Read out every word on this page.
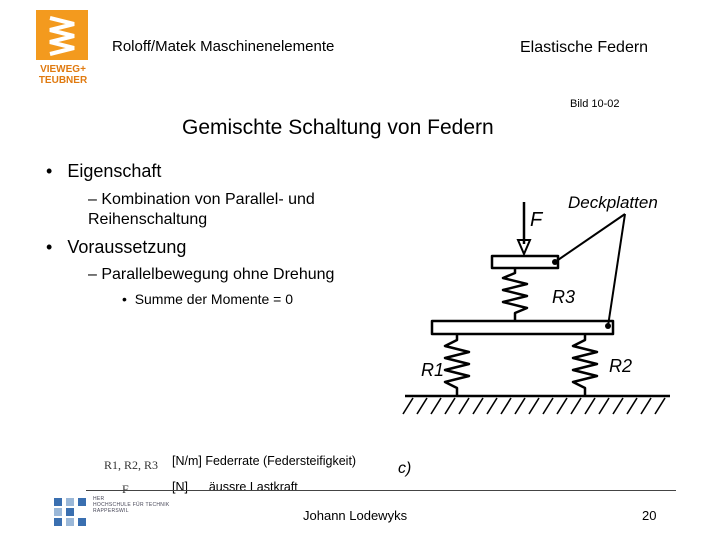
VIEWEG+
TEUBNER
Roloff/Matek Maschinenelemente	Elastische Federn
Bild 10-02
Gemischte Schaltung von Federn
• Eigenschaft
– Kombination von Parallel- und Reihenschaltung
• Voraussetzung
– Parallelbewegung ohne Drehung
• Summe der Momente = 0
Deckplatten
F
R3
R1	R2
c)
R1, R2, R3 [N/m] Federrate (Federsteifigkeit)
F	[N] äussre Lastkraft
HER
HOCHSCHULE FÜR TECHNIK
RAPPERSWIL	Johann Lodewyks	20
